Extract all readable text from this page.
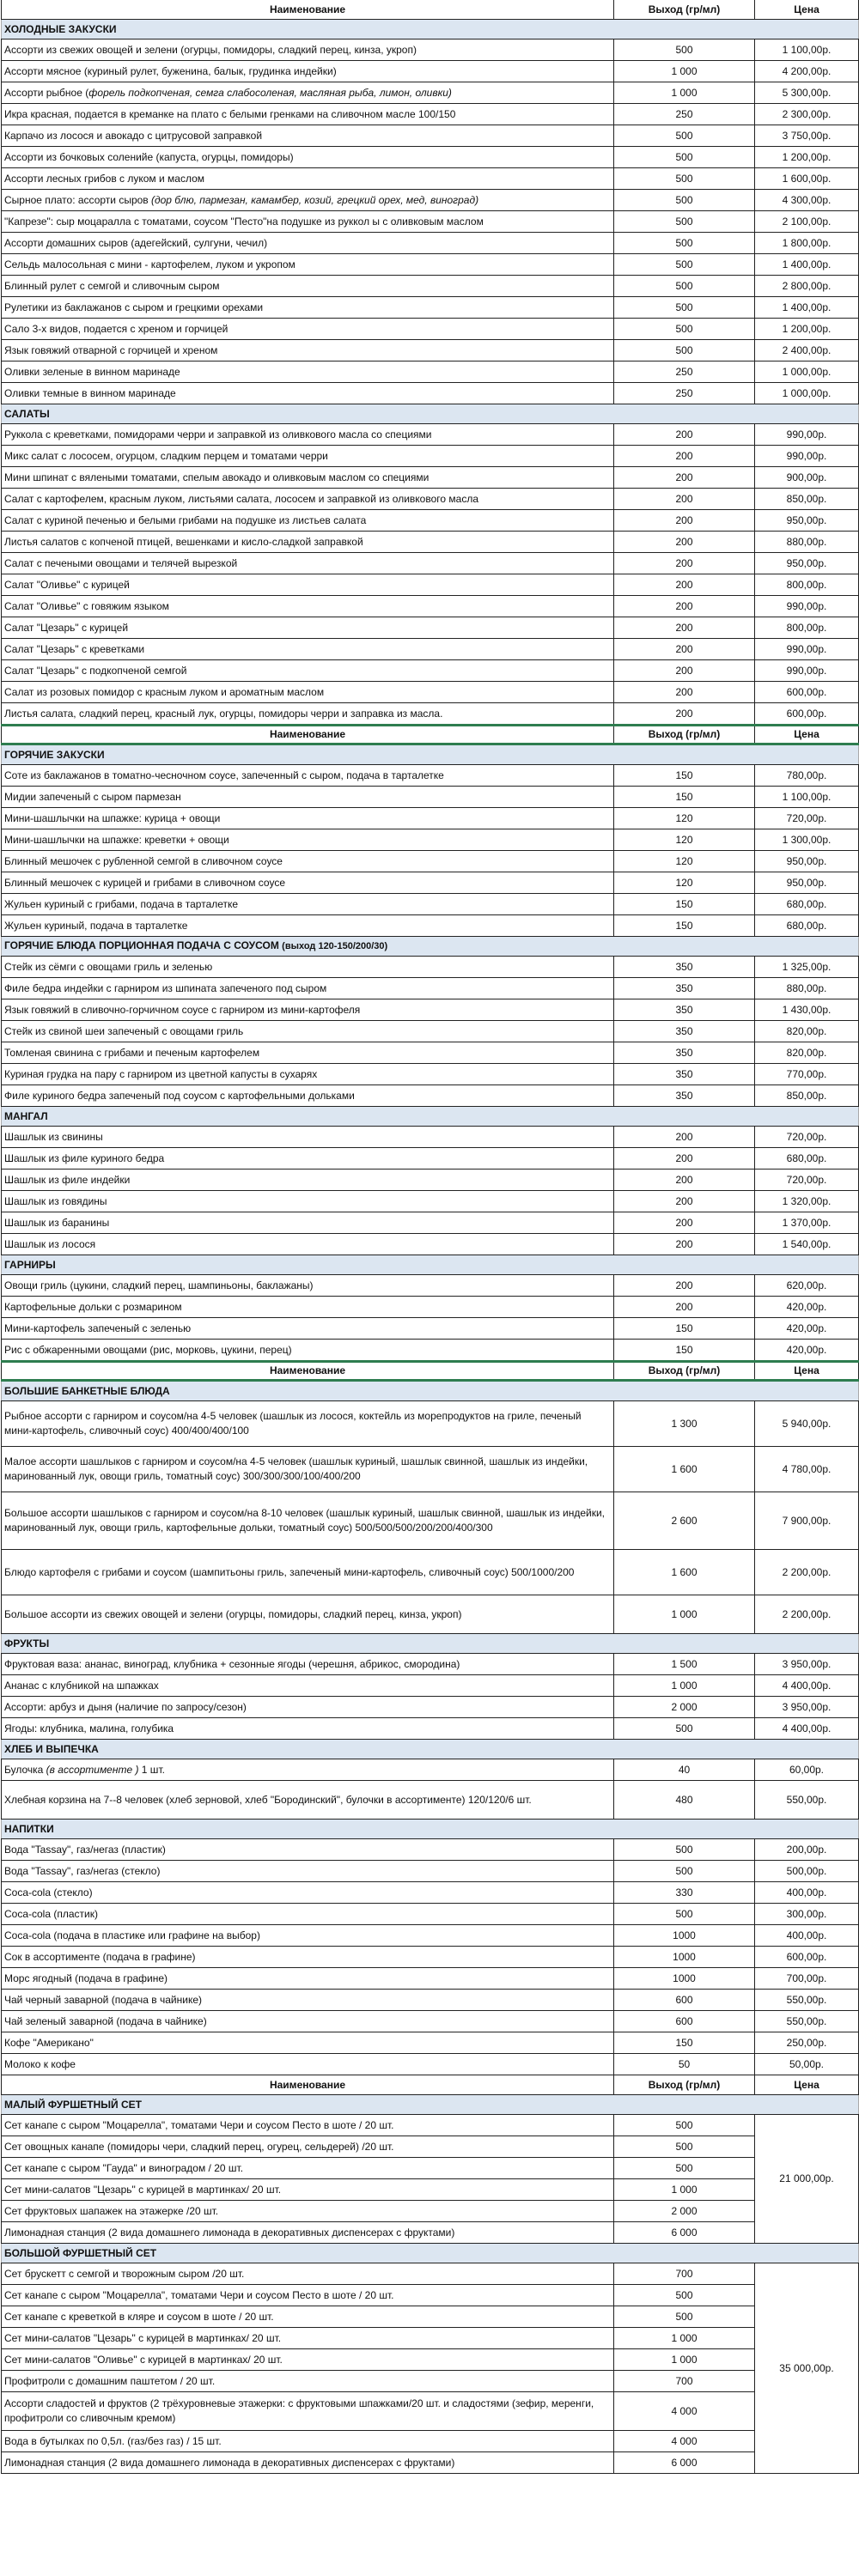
Наименование	Выход (гр/мл)	Цена
ХОЛОДНЫЕ ЗАКУСКИ		
Ассорти из свежих овощей и зелени (огурцы, помидоры, сладкий перец, кинза, укроп)	500	1 100,00р.
Ассорти мясное (куриный рулет, буженина, балык, грудинка индейки)	1 000	4 200,00р.
Ассорти рыбное (форель подкопченая, семга слабосоленая, масляная рыба, лимон, оливки)	1 000	5 300,00р.
Икра красная, подается в креманке на плато с белыми гренками на сливочном масле 100/150	250	2 300,00р.
Карпачо из лосося и авокадо с цитрусовой заправкой	500	3 750,00р.
Ассорти из бочковых соленийе (капуста, огурцы, помидоры)	500	1 200,00р.
Ассорти лесных грибов с луком и маслом	500	1 600,00р.
Сырное плато: ассорти сыров (дор блю, пармезан, камамбер, козий, грецкий орех, мед, виноград)	500	4 300,00р.
"Капрезе": сыр моцаралла с томатами, соусом "Песто"на подушке из руккол ы с оливковым маслом	500	2 100,00р.
Ассорти домашних сыров (адегейский, сулгуни, чечил)	500	1 800,00р.
Сельдь малосольная с мини - картофелем, луком и укропом	500	1 400,00р.
Блинный рулет с семгой и сливочным сыром	500	2 800,00р.
Рулетики из баклажанов с сыром и грецкими орехами	500	1 400,00р.
Сало 3-х видов, подается с хреном и горчицей	500	1 200,00р.
Язык говяжий отварной с горчицей и хреном	500	2 400,00р.
Оливки зеленые в винном маринаде	250	1 000,00р.
Оливки темные в винном маринаде	250	1 000,00р.
САЛАТЫ		
Руккола с креветками, помидорами черри и заправкой из оливкового масла со специями	200	990,00р.
Микс салат с лососем, огурцом, сладким перцем и томатами черри	200	990,00р.
Мини шпинат с вялеными томатами, спелым авокадо и оливковым маслом со специями	200	900,00р.
Салат с картофелем, красным луком, листьями салата, лососем и заправкой из оливкового масла	200	850,00р.
Салат с куриной печенью и белыми грибами на подушке из листьев салата	200	950,00р.
Листья салатов с копченой птицей, вешенками и кисло-сладкой заправкой	200	880,00р.
Салат с печеными овощами и телячей вырезкой	200	950,00р.
Салат "Оливье" с курицей	200	800,00р.
Салат "Оливье" с говяжим языком	200	990,00р.
Салат "Цезарь" с курицей	200	800,00р.
Салат "Цезарь" с креветками	200	990,00р.
Салат "Цезарь" с подкопченой семгой	200	990,00р.
Салат из розовых помидор с красным луком и ароматным маслом	200	600,00р.
Листья салата, сладкий перец, красный лук, огурцы, помидоры черри и заправка из масла.	200	600,00р.
Наименование	Выход (гр/мл)	Цена
ГОРЯЧИЕ ЗАКУСКИ		
Соте из баклажанов в томатно-чесночном соусе, запеченный с сыром, подача в тарталетке	150	780,00р.
Мидии запеченый с сыром пармезан	150	1 100,00р.
Мини-шашлычки на шпажке: курица + овощи	120	720,00р.
Мини-шашлычки на шпажке: креветки + овощи	120	1 300,00р.
Блинный мешочек с рубленной семгой в сливочном соусе	120	950,00р.
Блинный мешочек с курицей и грибами в сливочном соусе	120	950,00р.
Жульен куриный с грибами, подача в тарталетке	150	680,00р.
Жульен куриный, подача в тарталетке	150	680,00р.
ГОРЯЧИЕ БЛЮДА ПОРЦИОННАЯ ПОДАЧА С СОУСОМ (выход 120-150/200/30)		
Стейк из сёмги с овощами гриль и зеленью	350	1 325,00р.
Филе бедра индейки с гарниром из шпината запеченого под сыром	350	880,00р.
Язык говяжий в сливочно-горчичном соусе с гарниром из мини-картофеля	350	1 430,00р.
Стейк из свиной шеи запеченый с овощами гриль	350	820,00р.
Томленая свинина с грибами и печеным картофелем	350	820,00р.
Куриная грудка на пару с гарниром из цветной капусты в сухарях	350	770,00р.
Филе куриного бедра запеченый под соусом с картофельными дольками	350	850,00р.
МАНГАЛ		
Шашлык из свинины	200	720,00р.
Шашлык из филе куриного бедра	200	680,00р.
Шашлык из филе индейки	200	720,00р.
Шашлык из говядины	200	1 320,00р.
Шашлык из баранины	200	1 370,00р.
Шашлык из лосося	200	1 540,00р.
ГАРНИРЫ		
Овощи гриль (цукини, сладкий перец, шампиньоны, баклажаны)	200	620,00р.
Картофельные дольки с розмарином	200	420,00р.
Мини-картофель запеченый с зеленью	150	420,00р.
Рис с обжаренными овощами (рис, морковь, цукини, перец)	150	420,00р.
Наименование	Выход (гр/мл)	Цена
БОЛЬШИЕ БАНКЕТНЫЕ БЛЮДА		
Рыбное ассорти с гарниром и соусом/на 4-5 человек (шашлык из лосося, коктейль из морепродуктов на гриле, печеный мини-картофель, сливочный соус) 400/400/400/100	1 300	5 940,00р.
Малое ассорти шашлыков с гарниром и соусом/на 4-5 человек (шашлык куриный, шашлык свинной, шашлык из индейки, маринованный лук, овощи гриль, томатный соус) 300/300/300/100/400/200	1 600	4 780,00р.
Большое ассорти шашлыков с гарниром и соусом/на 8-10 человек (шашлык куриный, шашлык свинной, шашлык из индейки, маринованный лук, овощи гриль, картофельные дольки, томатный соус) 500/500/500/200/200/400/300	2 600	7 900,00р.
Блюдо картофеля с грибами и соусом (шампитьоны гриль, запеченый мини-картофель, сливочный соус) 500/1000/200	1 600	2 200,00р.
Большое ассорти из свежих овощей и зелени (огурцы, помидоры, сладкий перец, кинза, укроп)	1 000	2 200,00р.
ФРУКТЫ		
Фруктовая ваза: ананас, виноград, клубника + сезонные ягоды (черешня, абрикос, смородина)	1 500	3 950,00р.
Ананас с клубникой на шпажках	1 000	4 400,00р.
Ассорти: арбуз и дыня (наличие по запросу/сезон)	2 000	3 950,00р.
Ягоды: клубника, малина, голубика	500	4 400,00р.
ХЛЕБ И ВЫПЕЧКА		
Булочка (в ассортименте ) 1 шт.	40	60,00р.
Хлебная корзина на 7--8 человек (хлеб зерновой, хлеб "Бородинский", булочки в ассортименте) 120/120/6 шт.	480	550,00р.
НАПИТКИ		
Вода "Tassay", газ/негаз (пластик)	500	200,00р.
Вода "Tassay", газ/негаз (стекло)	500	500,00р.
Coca-cola (стекло)	330	400,00р.
Coca-cola (пластик)	500	300,00р.
Coca-cola (подача в пластике или графине на выбор)	1000	400,00р.
Сок в ассортименте (подача в графине)	1000	600,00р.
Морс ягодный (подача в графине)	1000	700,00р.
Чай черный заварной (подача в чайнике)	600	550,00р.
Чай зеленый заварной (подача в чайнике)	600	550,00р.
Кофе "Американо"	150	250,00р.
Молоко к кофе	50	50,00р.
Наименование	Выход (гр/мл)	Цена
МАЛЫЙ ФУРШЕТНЫЙ СЕТ		
Сет канапе с сыром "Моцарелла", томатами Чери и соусом Песто в шоте / 20 шт.	500	21 000,00р.
Сет овощных канапе (помидоры чери, сладкий перец, огурец, сельдерей) /20 шт.	500	
Сет канапе с сыром "Гауда" и виноградом / 20 шт.	500	
Сет мини-салатов "Цезарь" с курицей в мартинках/ 20 шт.	1 000	
Сет фруктовых шапажек на этажерке /20 шт.	2 000	
Лимонадная станция (2 вида домашнего лимонада в декоративных диспенсерах с фруктами)	6 000	
БОЛЬШОЙ ФУРШЕТНЫЙ СЕТ		
Сет брускетт с семгой и творожным сыром /20 шт.	700	35 000,00р.
Сет канапе с сыром "Моцарелла", томатами Чери и соусом Песто в шоте / 20 шт.	500	
Сет канапе с креветкой в кляре и соусом в шоте / 20 шт.	500	
Сет мини-салатов "Цезарь" с курицей в мартинках/ 20 шт.	1 000	
Сет мини-салатов "Оливье" с курицей в мартинках/ 20 шт.	1 000	
Профитроли с домашним паштетом / 20 шт.	700	
Ассорти сладостей и фруктов (2 трёхуровневые этажерки: с фруктовыми шпажками/20 шт. и сладостями (зефир, меренги, профитроли со сливочным кремом)	4 000	
Вода в бутылках по 0,5л. (газ/без газ) / 15 шт.	4 000	
Лимонадная станция (2 вида домашнего лимонада в декоративных диспенсерах с фруктами)	6 000	
